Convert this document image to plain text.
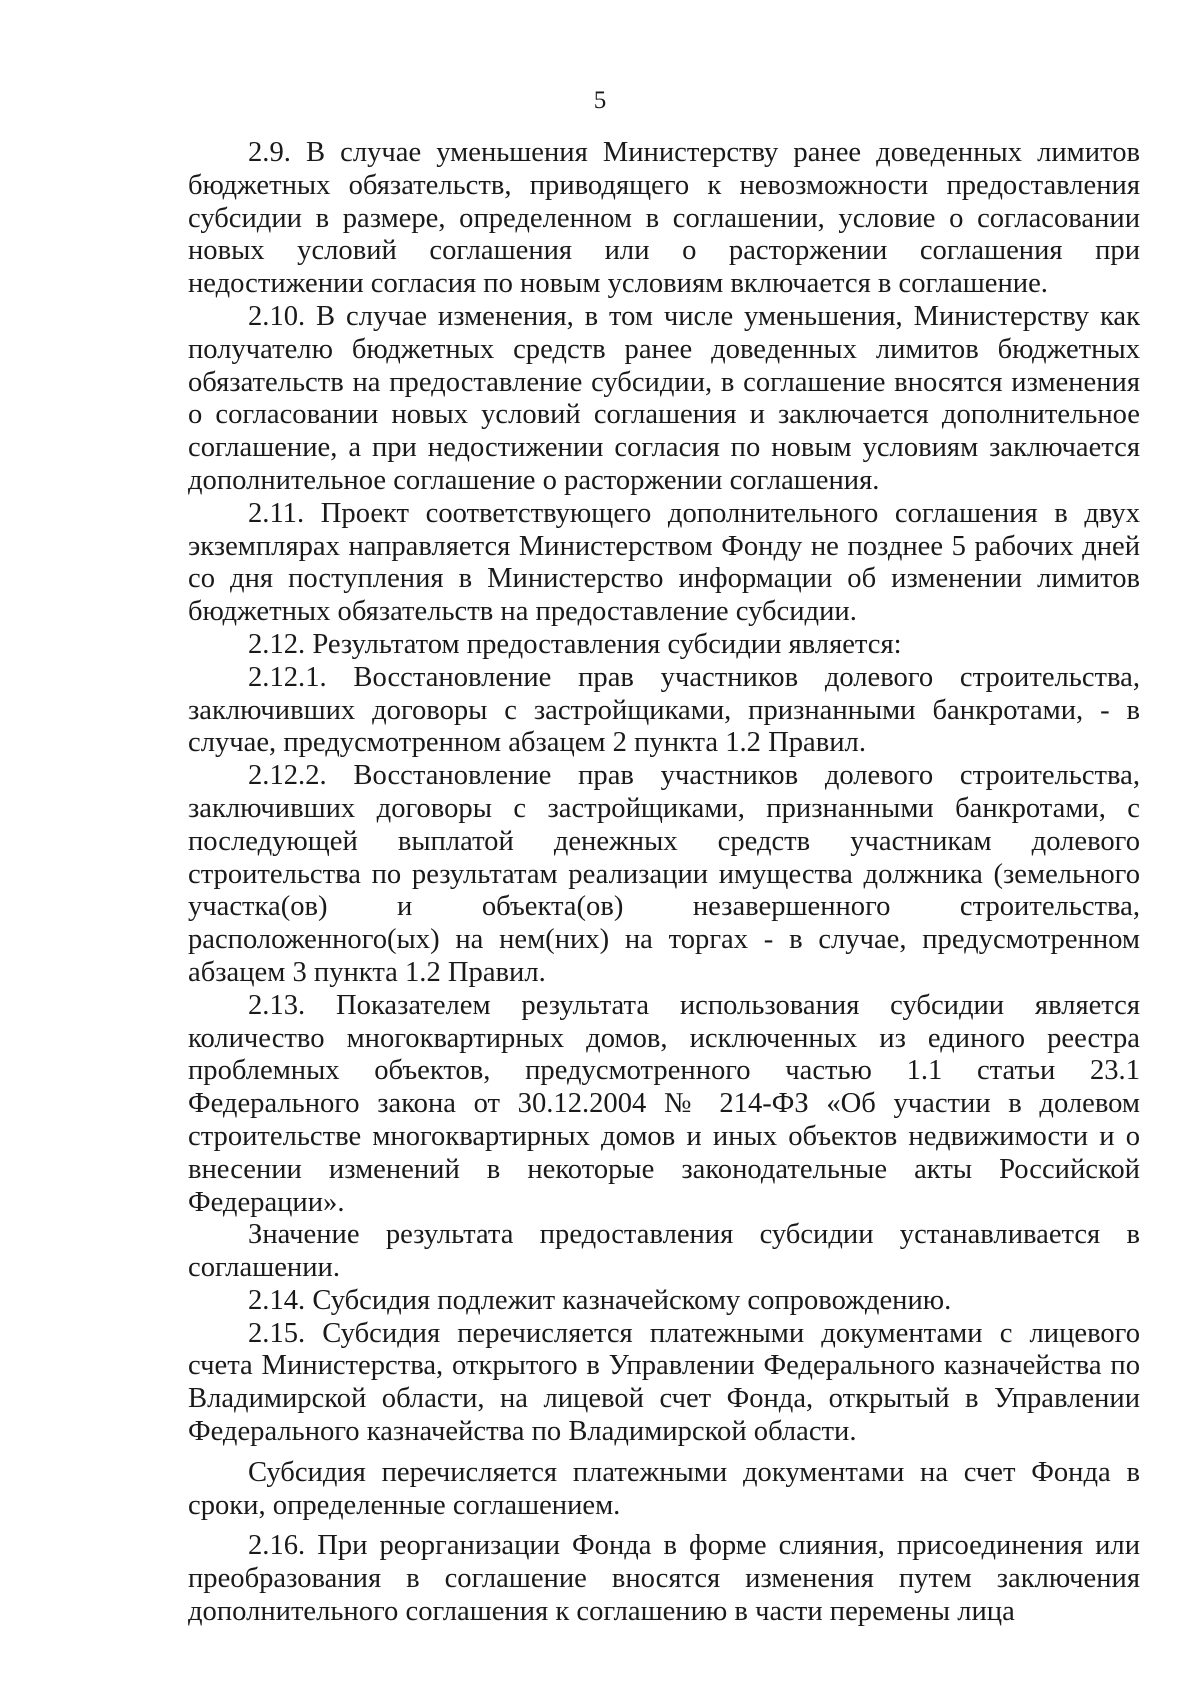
5

2.9. В случае уменьшения Министерству ранее доведенных лимитов бюджетных обязательств, приводящего к невозможности предоставления субсидии в размере, определенном в соглашении, условие о согласовании новых условий соглашения или о расторжении соглашения при недостижении согласия по новым условиям включается в соглашение.

2.10. В случае изменения, в том числе уменьшения, Министерству как получателю бюджетных средств ранее доведенных лимитов бюджетных обязательств на предоставление субсидии, в соглашение вносятся изменения о согласовании новых условий соглашения и заключается дополнительное соглашение, а при недостижении согласия по новым условиям заключается дополнительное соглашение о расторжении соглашения.

2.11. Проект соответствующего дополнительного соглашения в двух экземплярах направляется Министерством Фонду не позднее 5 рабочих дней со дня поступления в Министерство информации об изменении лимитов бюджетных обязательств на предоставление субсидии.

2.12. Результатом предоставления субсидии является:

2.12.1. Восстановление прав участников долевого строительства, заключивших договоры с застройщиками, признанными банкротами, - в случае, предусмотренном абзацем 2 пункта 1.2 Правил.

2.12.2. Восстановление прав участников долевого строительства, заключивших договоры с застройщиками, признанными банкротами, с последующей выплатой денежных средств участникам долевого строительства по результатам реализации имущества должника (земельного участка(ов) и объекта(ов) незавершенного строительства, расположенного(ых) на нем(них) на торгах - в случае, предусмотренном абзацем 3 пункта 1.2 Правил.

2.13. Показателем результата использования субсидии является количество многоквартирных домов, исключенных из единого реестра проблемных объектов, предусмотренного частью 1.1 статьи 23.1 Федерального закона от 30.12.2004 № 214-ФЗ «Об участии в долевом строительстве многоквартирных домов и иных объектов недвижимости и о внесении изменений в некоторые законодательные акты Российской Федерации».

Значение результата предоставления субсидии устанавливается в соглашении.

2.14. Субсидия подлежит казначейскому сопровождению.

2.15. Субсидия перечисляется платежными документами с лицевого счета Министерства, открытого в Управлении Федерального казначейства по Владимирской области, на лицевой счет Фонда, открытый в Управлении Федерального казначейства по Владимирской области.

Субсидия перечисляется платежными документами на счет Фонда в сроки, определенные соглашением.

2.16. При реорганизации Фонда в форме слияния, присоединения или преобразования в соглашение вносятся изменения путем заключения дополнительного соглашения к соглашению в части перемены лица
